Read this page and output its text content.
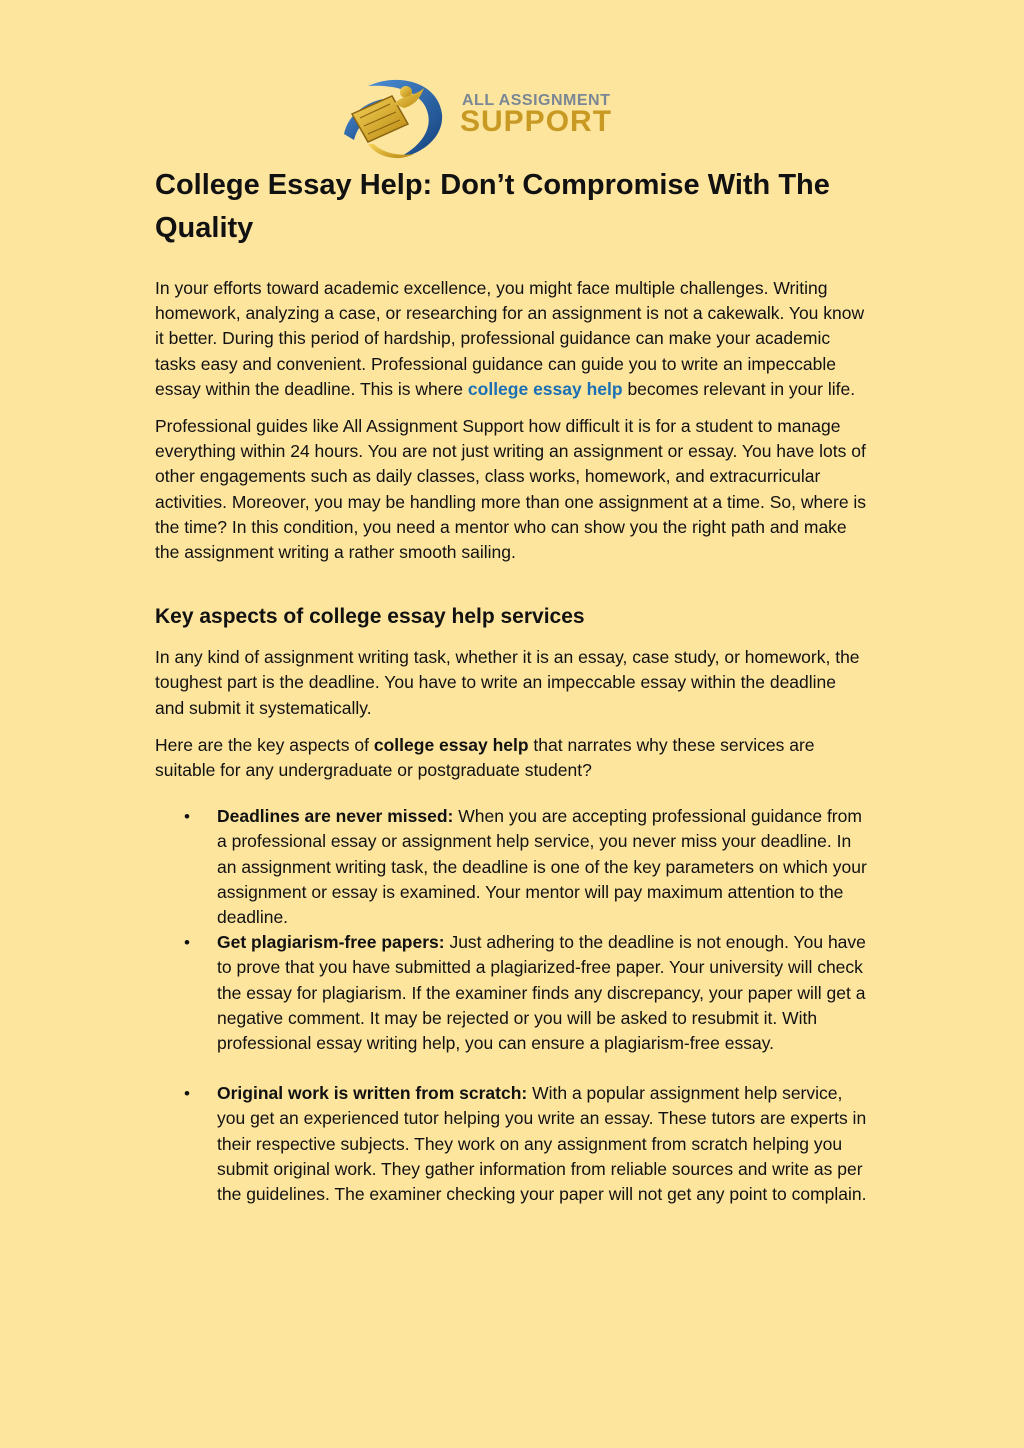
ALL ASSIGNMENT
SUPPORT
College Essay Help: Don’t Compromise With The Quality

In your efforts toward academic excellence, you might face multiple challenges. Writing homework, analyzing a case, or researching for an assignment is not a cakewalk. You know it better. During this period of hardship, professional guidance can make your academic tasks easy and convenient. Professional guidance can guide you to write an impeccable essay within the deadline. This is where college essay help becomes relevant in your life.

Professional guides like All Assignment Support how difficult it is for a student to manage everything within 24 hours. You are not just writing an assignment or essay. You have lots of other engagements such as daily classes, class works, homework, and extracurricular activities. Moreover, you may be handling more than one assignment at a time. So, where is the time? In this condition, you need a mentor who can show you the right path and make the assignment writing a rather smooth sailing.

Key aspects of college essay help services

In any kind of assignment writing task, whether it is an essay, case study, or homework, the toughest part is the deadline. You have to write an impeccable essay within the deadline and submit it systematically.

Here are the key aspects of college essay help that narrates why these services are suitable for any undergraduate or postgraduate student?

• Deadlines are never missed: When you are accepting professional guidance from a professional essay or assignment help service, you never miss your deadline. In an assignment writing task, the deadline is one of the key parameters on which your assignment or essay is examined. Your mentor will pay maximum attention to the deadline.
• Get plagiarism-free papers: Just adhering to the deadline is not enough. You have to prove that you have submitted a plagiarized-free paper. Your university will check the essay for plagiarism. If the examiner finds any discrepancy, your paper will get a negative comment. It may be rejected or you will be asked to resubmit it. With professional essay writing help, you can ensure a plagiarism-free essay.
• Original work is written from scratch: With a popular assignment help service, you get an experienced tutor helping you write an essay. These tutors are experts in their respective subjects. They work on any assignment from scratch helping you submit original work. They gather information from reliable sources and write as per the guidelines. The examiner checking your paper will not get any point to complain.
